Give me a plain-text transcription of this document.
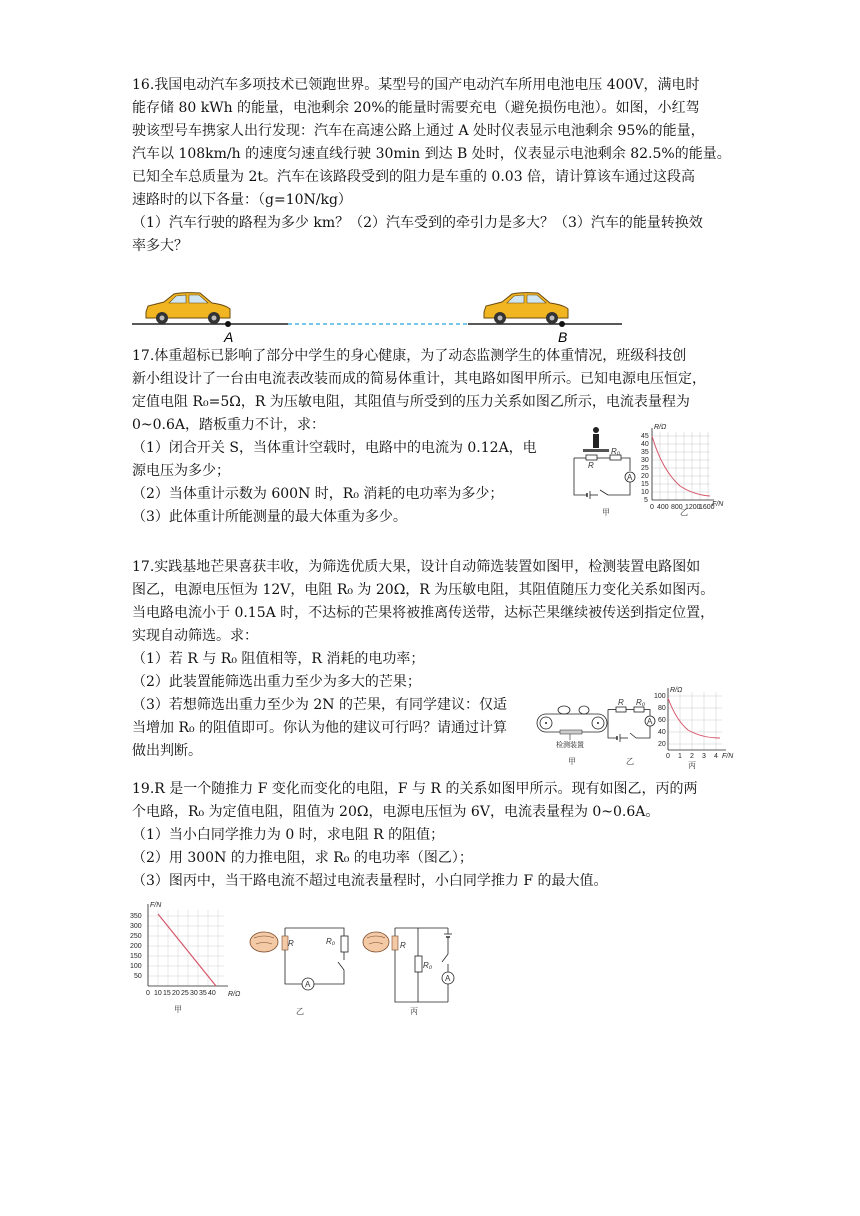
16.我国电动汽车多项技术已领跑世界。某型号的国产电动汽车所用电池电压 400V，满电时
能存储 80 kWh 的能量，电池剩余 20%的能量时需要充电（避免损伤电池）。如图，小红驾
驶该型号车携家人出行发现：汽车在高速公路上通过 A 处时仪表显示电池剩余 95%的能量，
汽车以 108km/h 的速度匀速直线行驶 30min 到达 B 处时，仪表显示电池剩余 82.5%的能量。
已知全车总质量为 2t。汽车在该路段受到的阻力是车重的 0.03 倍，请计算该车通过这段高
速路时的以下各量：（g=10N/kg）
（1）汽车行驶的路程为多少 km？（2）汽车受到的牵引力是多大？（3）汽车的能量转换效
率多大？

A	B

17.体重超标已影响了部分中学生的身心健康，为了动态监测学生的体重情况，班级科技创
新小组设计了一台由电流表改装而成的简易体重计，其电路如图甲所示。已知电源电压恒定，
定值电阻 R₀=5Ω，R 为压敏电阻，其阻值与所受到的压力关系如图乙所示，电流表量程为
0~0.6A，踏板重力不计，求：

（1）闭合开关 S，当体重计空载时，电路中的电流为 0.12A，电
源电压为多少；
（2）当体重计示数为 600N 时，R₀ 消耗的电功率为多少；
（3）此体重计所能测量的最大体重为多少。

R
R₀
A
甲
R/Ω
F/N
45
40
35
30
25
20
15
10
5
0 400 800 1200
1600
乙

17.实践基地芒果喜获丰收，为筛选优质大果，设计自动筛选装置如图甲，检测装置电路图如
图乙，电源电压恒为 12V，电阻 R₀ 为 20Ω，R 为压敏电阻，其阻值随压力变化关系如图丙。
当电路电流小于 0.15A 时，不达标的芒果将被推离传送带，达标芒果继续被传送到指定位置，
实现自动筛选。求：
（1）若 R 与 R₀ 阻值相等，R 消耗的电功率；
（2）此装置能筛选出重力至少为多大的芒果；

（3）若想筛选出重力至少为 2N 的芒果，有同学建议：仅适
当增加 R₀ 的阻值即可。你认为他的建议可行吗？请通过计算
做出判断。	检测装置
甲
R R₀
A
乙
R/Ω
F/N
100
80
60
40
20
0 1 2 3 4
丙

19.R 是一个随推力 F 变化而变化的电阻，F 与 R 的关系如图甲所示。现有如图乙，丙的两
个电路，R₀ 为定值电阻，阻值为 20Ω，电源电压恒为 6V，电流表量程为 0~0.6A。
（1）当小白同学推力为 0 时，求电阻 R 的阻值；
（2）用 300N 的力推电阻，求 R₀ 的电功率（图乙）；
（3）图丙中，当干路电流不超过电流表量程时，小白同学推力 F 的最大值。

F/N
R/Ω
350
300
250
200
150
100
50
0 10 15 20 25 30 35 40
甲
R
A
R₀
乙
R
R₀
A
丙
